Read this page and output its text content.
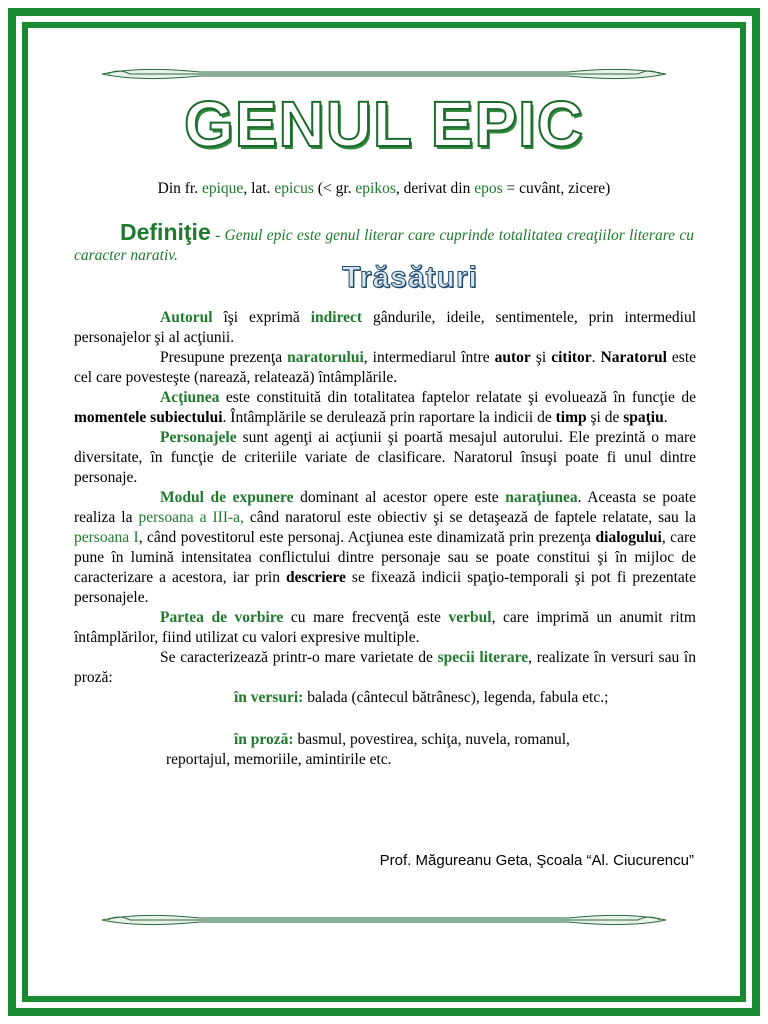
GENUL EPIC
Din fr. epique, lat. epicus (< gr. epikos, derivat din epos = cuvânt, zicere)
Definiţie - Genul epic este genul literar care cuprinde totalitatea creaţiilor literare cu caracter narativ.
Trăsături
Autorul îşi exprimă indirect gândurile, ideile, sentimentele, prin intermediul personajelor şi al acţiunii.
Presupune prezenţa naratorului, intermediarul între autor şi cititor. Naratorul este cel care povesteşte (narează, relatează) întâmplările.
Acţiunea este constituită din totalitatea faptelor relatate şi evoluează în funcţie de momentele subiectului. Întâmplările se derulează prin raportare la indicii de timp şi de spaţiu.
Personajele sunt agenţi ai acţiunii şi poartă mesajul autorului. Ele prezintă o mare diversitate, în funcţie de criteriile variate de clasificare. Naratorul însuşi poate fi unul dintre personaje.
Modul de expunere dominant al acestor opere este naraţiunea. Aceasta se poate realiza la persoana a III-a, când naratorul este obiectiv şi se detaşează de faptele relatate, sau la persoana I, când povestitorul este personaj. Acţiunea este dinamizată prin prezenţa dialogului, care pune în lumină intensitatea conflictului dintre personaje sau se poate constitui şi în mijloc de caracterizare a acestora, iar prin descriere se fixează indicii spaţio-temporali şi pot fi prezentate personajele.
Partea de vorbire cu mare frecvenţă este verbul, care imprimă un anumit ritm întâmplărilor, fiind utilizat cu valori expresive multiple.
Se caracterizează printr-o mare varietate de specii literare, realizate în versuri sau în proză:
în versuri: balada (cântecul bătrânesc), legenda, fabula etc.;
în proză: basmul, povestirea, schiţa, nuvela, romanul,
reportajul, memoriile, amintirile etc.
Prof. Măgureanu Geta, Şcoala “Al. Ciucurencu”
